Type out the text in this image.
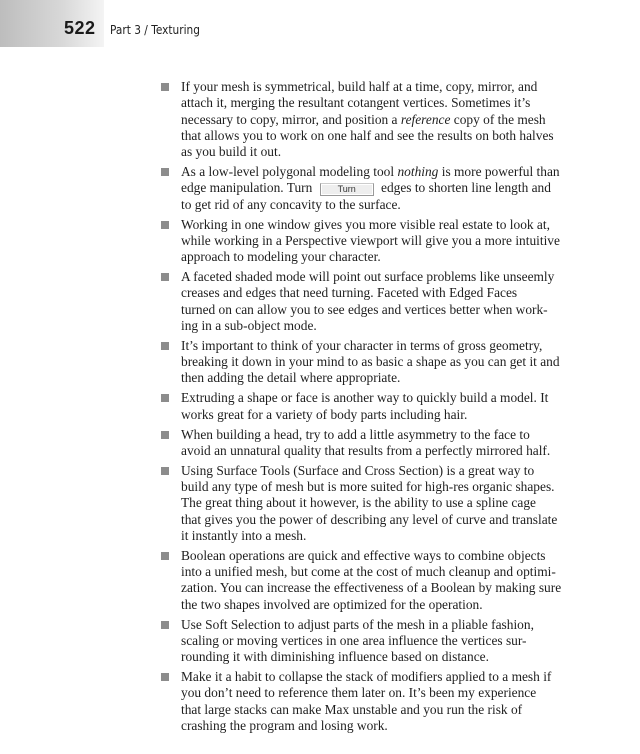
522 Part 3 / Texturing
If your mesh is symmetrical, build half at a time, copy, mirror, and
attach it, merging the resultant cotangent vertices. Sometimes it’s
necessary to copy, mirror, and position a reference copy of the mesh
that allows you to work on one half and see the results on both halves
as you build it out.
As a low-level polygonal modeling tool nothing is more powerful than
edge manipulation. Turn Turn edges to shorten line length and
to get rid of any concavity to the surface.
Working in one window gives you more visible real estate to look at,
while working in a Perspective viewport will give you a more intuitive
approach to modeling your character.
A faceted shaded mode will point out surface problems like unseemly
creases and edges that need turning. Faceted with Edged Faces
turned on can allow you to see edges and vertices better when work-
ing in a sub-object mode.
It’s important to think of your character in terms of gross geometry,
breaking it down in your mind to as basic a shape as you can get it and
then adding the detail where appropriate.
Extruding a shape or face is another way to quickly build a model. It
works great for a variety of body parts including hair.
When building a head, try to add a little asymmetry to the face to
avoid an unnatural quality that results from a perfectly mirrored half.
Using Surface Tools (Surface and Cross Section) is a great way to
build any type of mesh but is more suited for high-res organic shapes.
The great thing about it however, is the ability to use a spline cage
that gives you the power of describing any level of curve and translate
it instantly into a mesh.
Boolean operations are quick and effective ways to combine objects
into a unified mesh, but come at the cost of much cleanup and optimi-
zation. You can increase the effectiveness of a Boolean by making sure
the two shapes involved are optimized for the operation.
Use Soft Selection to adjust parts of the mesh in a pliable fashion,
scaling or moving vertices in one area influence the vertices sur-
rounding it with diminishing influence based on distance.
Make it a habit to collapse the stack of modifiers applied to a mesh if
you don’t need to reference them later on. It’s been my experience
that large stacks can make Max unstable and you run the risk of
crashing the program and losing work.
